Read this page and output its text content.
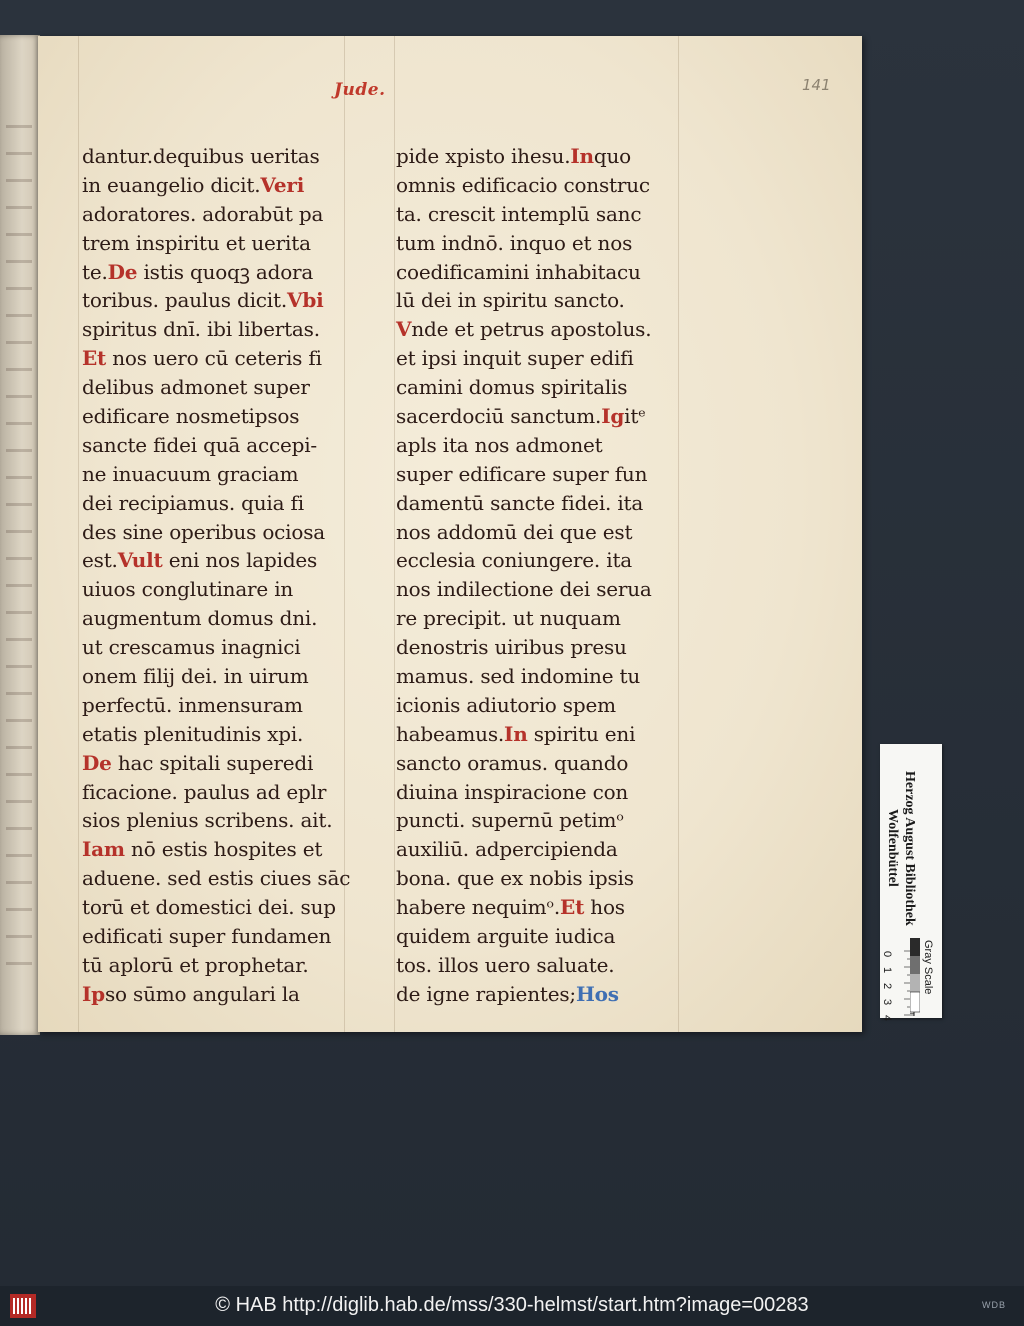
Jude.	141
dantur.dequibus ueritas
in euangelio dicit.Veri
adoratores. adorabūt pa
trem inspiritu et uerita
te.De istis quoqꝫ adora
toribus. paulus dicit.Vbi
spiritus dnī. ibi libertas.
Et nos uero cū ceteris fi
delibus admonet super
edificare nosmetipsos
sancte fidei quā accepi-
ne inuacuum graciam
dei recipiamus. quia fi
des sine operibus ociosa
est.Vult eni nos lapides
uiuos conglutinare in
augmentum domus dni.
ut crescamus inagnici
onem filij dei. in uirum
perfectū. inmensuram
etatis plenitudinis xpi.
De hac spitali superedi
ficacione. paulus ad eplr
sios plenius scribens. ait.
Iam nō estis hospites et
aduene. sed estis ciues sāc
torū et domestici dei. sup
edificati super fundamen
tū aplorū et prophetar.
Ipso sūmo angulari la
pide xpisto ihesu.Inquo
omnis edificacio construc
ta. crescit intemplū sanc
tum indnō. inquo et nos
coedificamini inhabitacu
lū dei in spiritu sancto.
Vnde et petrus apostolus.
et ipsi inquit super edifi
camini domus spiritalis
sacerdociū sanctum.Igitᵉ
apls ita nos admonet
super edificare super fun
damentū sancte fidei. ita
nos addomū dei que est
ecclesia coniungere. ita
nos indilectione dei serua
re precipit. ut nuquam
denostris uiribus presu
mamus. sed indomine tu
icionis adiutorio spem
habeamus.In spiritu eni
sancto oramus. quando
diuina inspiracione con
puncti. supernū petimᵒ
auxiliū. adpercipienda
bona. que ex nobis ipsis
habere nequimᵒ.Et hos
quidem arguite iudica
tos. illos uero saluate.
de igne rapientes;Hos
Herzog August Bibliothek
Wolfenbüttel
0
1
2
3
4
Gray Scale
© HAB http://diglib.hab.de/mss/330-helmst/start.htm?image=00283	WDB
